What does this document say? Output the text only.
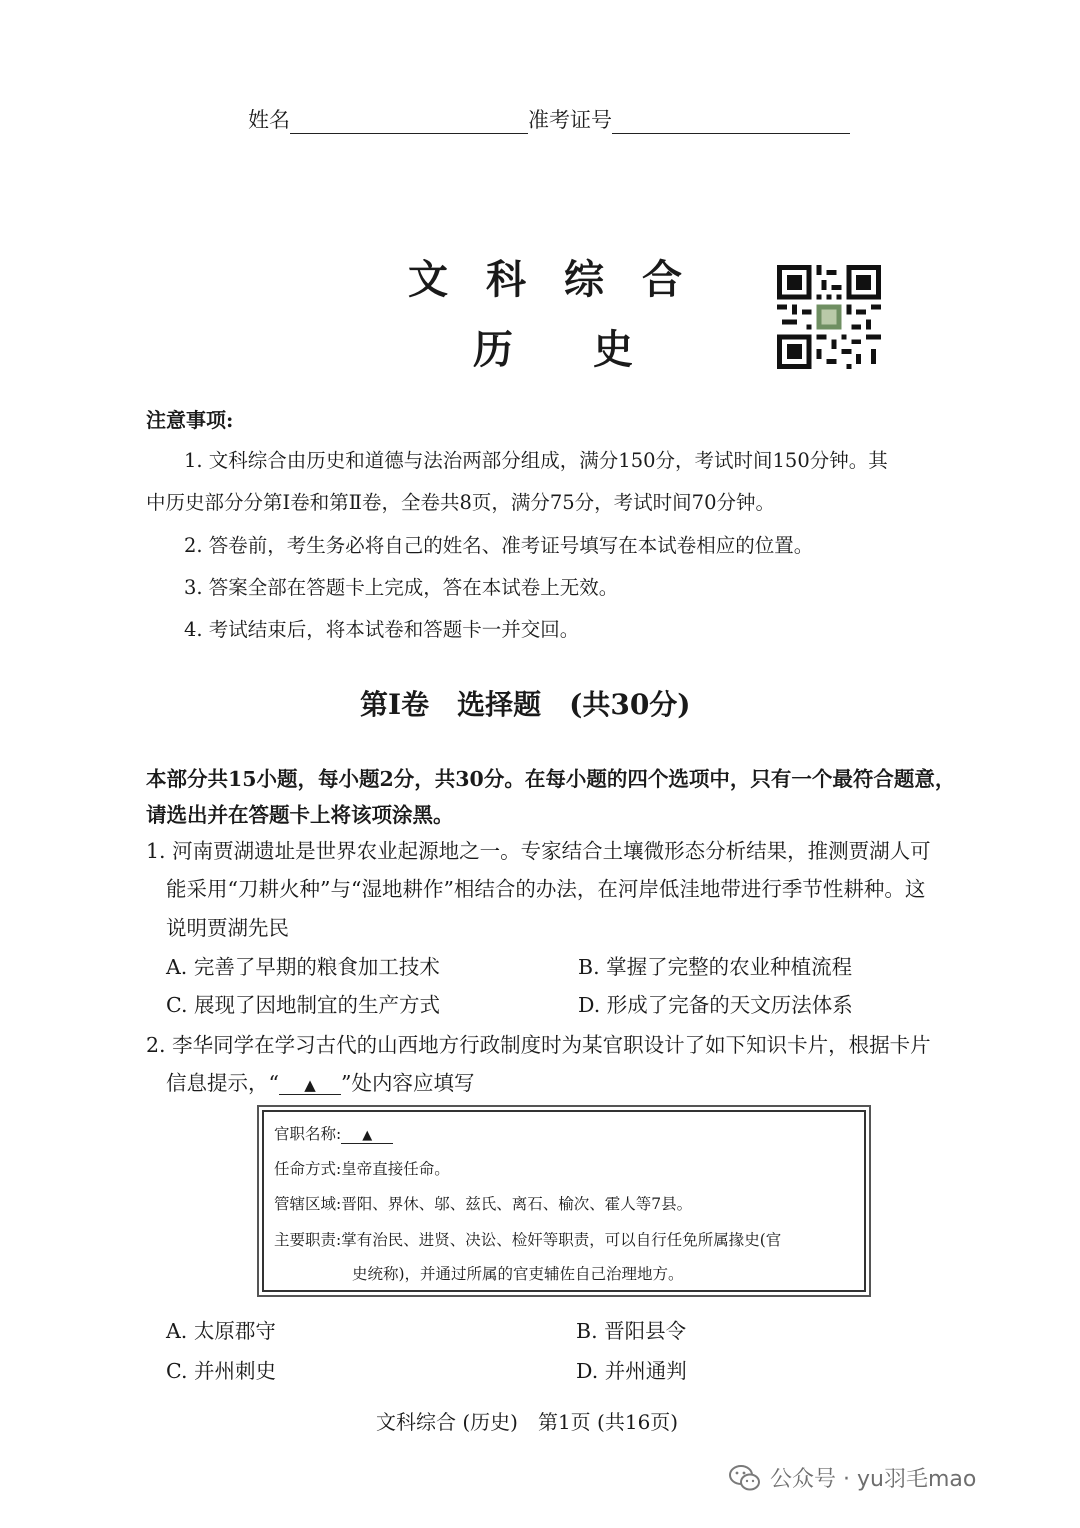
姓名	准考证号
文科综合
历史
注意事项:
1. 文科综合由历史和道德与法治两部分组成，满分150分，考试时间150分钟。其
中历史部分分第Ⅰ卷和第Ⅱ卷，全卷共8页，满分75分，考试时间70分钟。
2. 答卷前，考生务必将自己的姓名、准考证号填写在本试卷相应的位置。
3. 答案全部在答题卡上完成，答在本试卷上无效。
4. 考试结束后，将本试卷和答题卡一并交回。
第Ⅰ卷　选择题　(共30分)
本部分共15小题，每小题2分，共30分。在每小题的四个选项中，只有一个最符合题意，
请选出并在答题卡上将该项涂黑。
1. 河南贾湖遗址是世界农业起源地之一。专家结合土壤微形态分析结果，推测贾湖人可
能采用“刀耕火种”与“湿地耕作”相结合的办法，在河岸低洼地带进行季节性耕种。这
说明贾湖先民
A. 完善了早期的粮食加工技术	B. 掌握了完整的农业种植流程
C. 展现了因地制宜的生产方式	D. 形成了完备的天文历法体系
2. 李华同学在学习古代的山西地方行政制度时为某官职设计了如下知识卡片，根据卡片
信息提示，“ ▲ ”处内容应填写
官职名称: ▲
任命方式:皇帝直接任命。
管辖区域:晋阳、界休、邬、兹氏、离石、榆次、霍人等7县。
主要职责:掌有治民、进贤、决讼、检奸等职责，可以自行任免所属掾史(官
史统称)，并通过所属的官吏辅佐自己治理地方。
A. 太原郡守	B. 晋阳县令
C. 并州刺史	D. 并州通判
文科综合 (历史)　第1页 (共16页)
公众号 · yu羽毛mao
